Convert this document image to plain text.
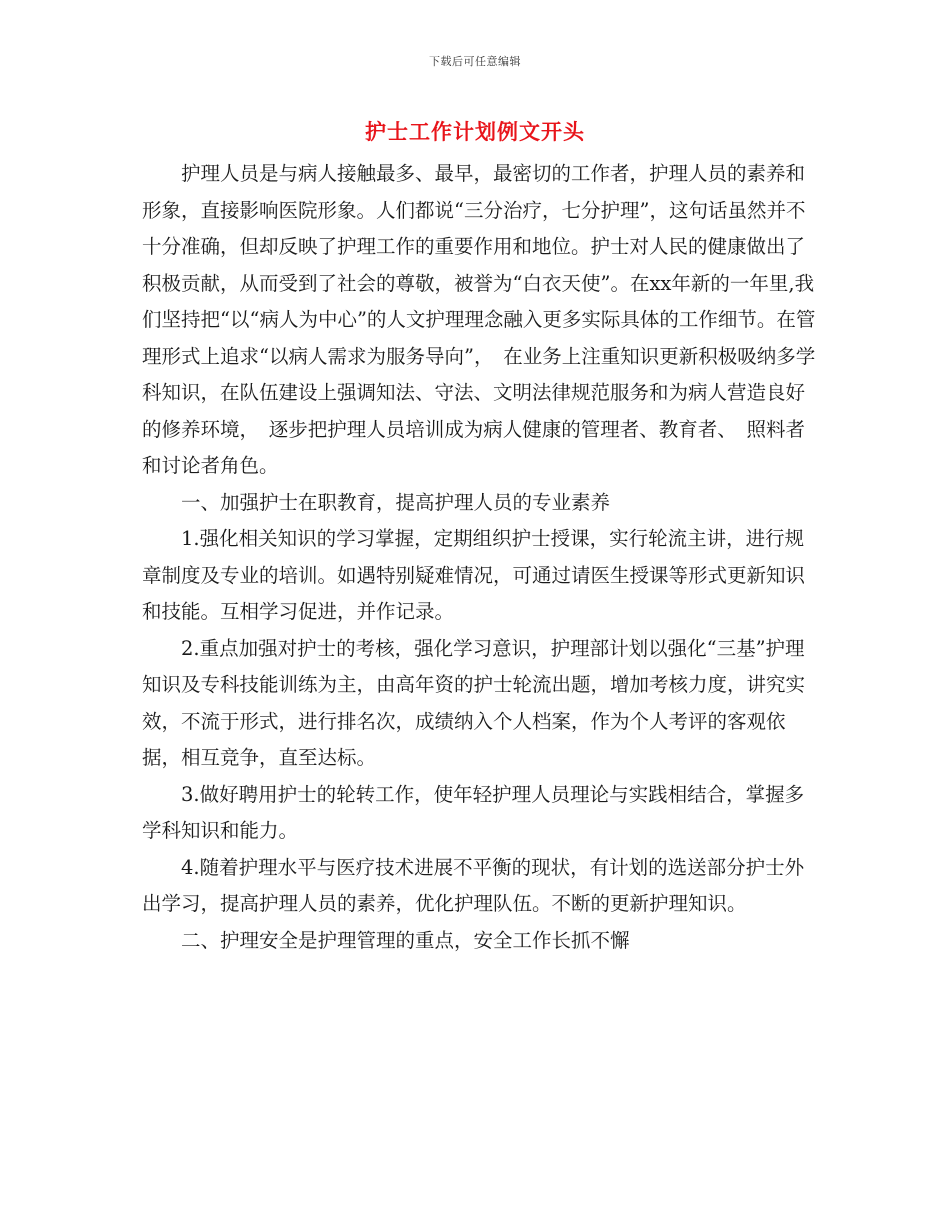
下载后可任意编辑
护士工作计划例文开头

护理人员是与病人接触最多、最早，最密切的工作者，护理人员的素养和形象，直接影响医院形象。人们都说“三分治疗，七分护理”，这句话虽然并不十分准确，但却反映了护理工作的重要作用和地位。护士对人民的健康做出了积极贡献，从而受到了社会的尊敬，被誉为“白衣天使”。在xx年新的一年里,我们坚持把“以“病人为中心”的人文护理理念融入更多实际具体的工作细节。在管理形式上追求“以病人需求为服务导向”，　在业务上注重知识更新积极吸纳多学科知识，在队伍建设上强调知法、守法、文明法律规范服务和为病人营造良好的修养环境，　逐步把护理人员培训成为病人健康的管理者、教育者、　照料者和讨论者角色。

一、加强护士在职教育，提高护理人员的专业素养

1.强化相关知识的学习掌握，定期组织护士授课，实行轮流主讲，进行规章制度及专业的培训。如遇特别疑难情况，可通过请医生授课等形式更新知识和技能。互相学习促进，并作记录。

2.重点加强对护士的考核，强化学习意识，护理部计划以强化“三基”护理知识及专科技能训练为主，由高年资的护士轮流出题，增加考核力度，讲究实效，不流于形式，进行排名次，成绩纳入个人档案，作为个人考评的客观依据，相互竞争，直至达标。

3.做好聘用护士的轮转工作，使年轻护理人员理论与实践相结合，掌握多学科知识和能力。

4.随着护理水平与医疗技术进展不平衡的现状，有计划的选送部分护士外出学习，提高护理人员的素养，优化护理队伍。不断的更新护理知识。

二、护理安全是护理管理的重点，安全工作长抓不懈
